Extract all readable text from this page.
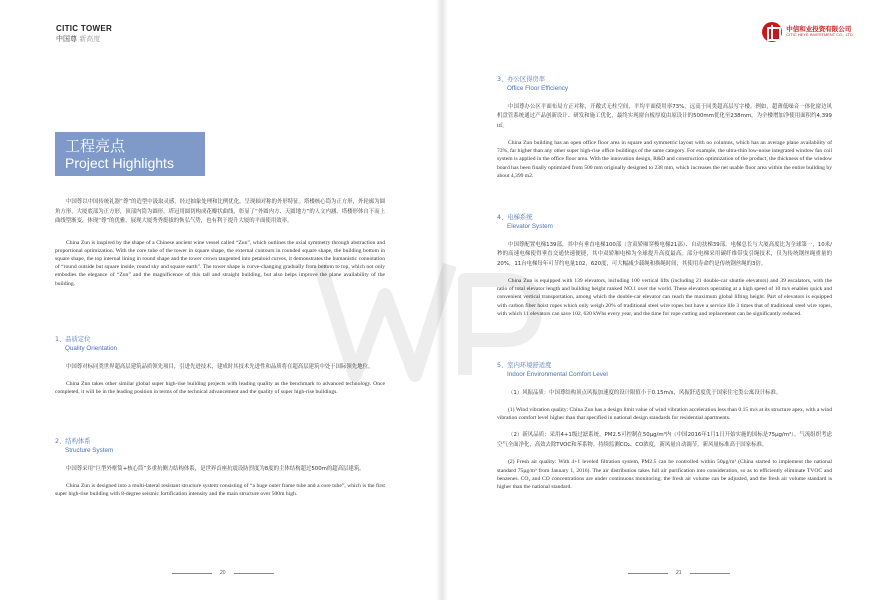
CITIC TOWER
中国尊 新高度
工程亮点
Project Highlights

中国尊以中国传统礼器“尊”的造型中汲取灵感，经过抽象处理和比例优化，呈现轴对称的外形特征。塔楼核心筒为正方形，外轮廓为圆角方形，大厦底部为正方形，顶部内筒为圆形，塔冠用圆切构成花瓣状曲线，彰显了“外圆内方、天圆地方”的人文内涵。塔楼形体自下而上曲线型渐变，体现“尊”的优雅，展现大厦秀秀挺拔的恢弘气势，也有利于提升大厦的平面使用效率。

China Zun is inspired by the shape of a Chinese ancient wine vessel called “Zun”, which outlines the axial symmetry through abstraction and proportional optimization. With the core tube of the tower in square shape, the external contours in rounded square shape, the building bottom in square shape, the top internal lining in round shape and the tower crown tangented into petaloid curves, it demonstrates the humanistic connotation of “round outside but square inside, round sky and square earth”. The tower shape is curve-changing gradually from bottom to top, which not only embodies the elegance of “Zun” and the magnificence of this tall and straight building, but also helps improve the plane availability of the building.

1、品质定位
Quality Orientation

中国尊对标同类世界超高层建筑品质领先项目，引进先进技术，建成时其技术先进性和品质将在超高层建筑中处于国际领先地位。

China Zun takes other similar global super high-rise building projects with leading quality as the benchmark to advanced technology. Once completed, it will be in the leading position in terms of the technical advancement and the quality of super high-rise buildings.

2、结构体系
Structure System

中国尊采用“巨型外框筒+核心筒”多重抗侧力结构体系，是世界首座抗震设防烈度为8度的主体结构超过500m的超高层建筑。

China Zun is designed into a multi-lateral resistant structure system consisting of “a huge outer frame tube and a core tube”, which is the first super high-rise building with 8-degree seismic fortification intensity and the main structure over 500m high.

20
中信和业投资有限公司
CITIC HEYE INVESTMENT CO., LTD.
3、办公区得房率
Office Floor Efficiency

中国尊办公区平面布局方正对称，开敞式无柱空间，平均平面使用率73%，远高于同类超高层写字楼。例如，超薄低噪音一体化窗边风机盘管系统通过产品创新设计、研发和施工优化，最终实现窗台板厚度由原设计的500mm优化至238mm，为全楼增加净使用面积约4,399㎡。

China Zun building has an open office floor area in square and symmetric layout with no columns, which has an average plane availability of 73%, far higher than any other super high-rise office buildings of the same category. For example, the ultra-thin low-noise integrated window fan coil system is applied in the office floor area. With the innovation design, R&D and construction optimization of the product, the thickness of the window board has been finally optimized from 500 mm originally designed to 238 mm, which increases the net usable floor area within the entire building by about 4,399 m2.

4、电梯系统
Elevator System

中国尊配置电梯139部，其中有垂直电梯100部（含双轿厢穿梭电梯21部）、自动扶梯39部。电梯总长与大厦高度比为全球第一，10米/秒的高速电梯使得垂直交通快速便捷，其中双轿厢电梯为全球提升高度最高。部分电梯采用碳纤维带曳引绳技术，仅为传统钢丝绳重量的20%，11台电梯每年可节约电量102，620度，可大幅减少载绳和换绳时间，其使用寿命约是传统钢丝绳的3倍。

China Zun is equipped with 139 elevators, including 100 vertical lifts (including 21 double-car shuttle elevators) and 39 escalators, with the ratio of total elevator length and building height ranked NO.1 over the world. These elevators operating at a high speed of 10 m/s enables quick and convenient vertical transportation, among which the double-car elevator can reach the maximum global lifting height. Part of elevators is equipped with carbon fiber hoist ropes which only weigh 20% of traditional steel wire ropes but have a service life 3 times that of traditional steel wire ropes, with which 11 elevators can save 102, 620 kWhs every year, and the time for rope cutting and replacement can be significantly reduced.

5、室内环境舒适度
Indoor Environmental Comfort Level

（1）风振品质：中国尊结构顶点风振加速度的设计限值小于0.15m/s，风振舒适度优于国家住宅类公寓设计标准。

(1) Wind vibration quality: China Zun has a design limit value of wind vibration acceleration less than 0.15 m/s at its structure apex, with a wind vibration comfort level higher than that specified in national design standards for residential apartments.

（2）新风品质：采用4+1级过滤系统，PM2.5可控制在50μg/m³内（中国2016年1月1日开始实施的国标是75μg/m³）。气流组织考虑空气全面净化，高效去除TVOC和苯系物。持续监测CO₂、CO浓度，新风量自动调节，新风量标准高于国家标准。

(2) Fresh air quality: With 4+1 leveled filtration system, PM2.5 can be controlled within 50μg/m³ (China started to implement the national standard 75μg/m³ from January 1, 2016). The air distribution takes full air purification into consideration, so as to efficiently eliminate TVOC and benzenes. CO₂ and CO concentrations are under continuous monitoring; the fresh air volume can be adjusted, and the fresh air volume standard is higher than the national standard.

21
